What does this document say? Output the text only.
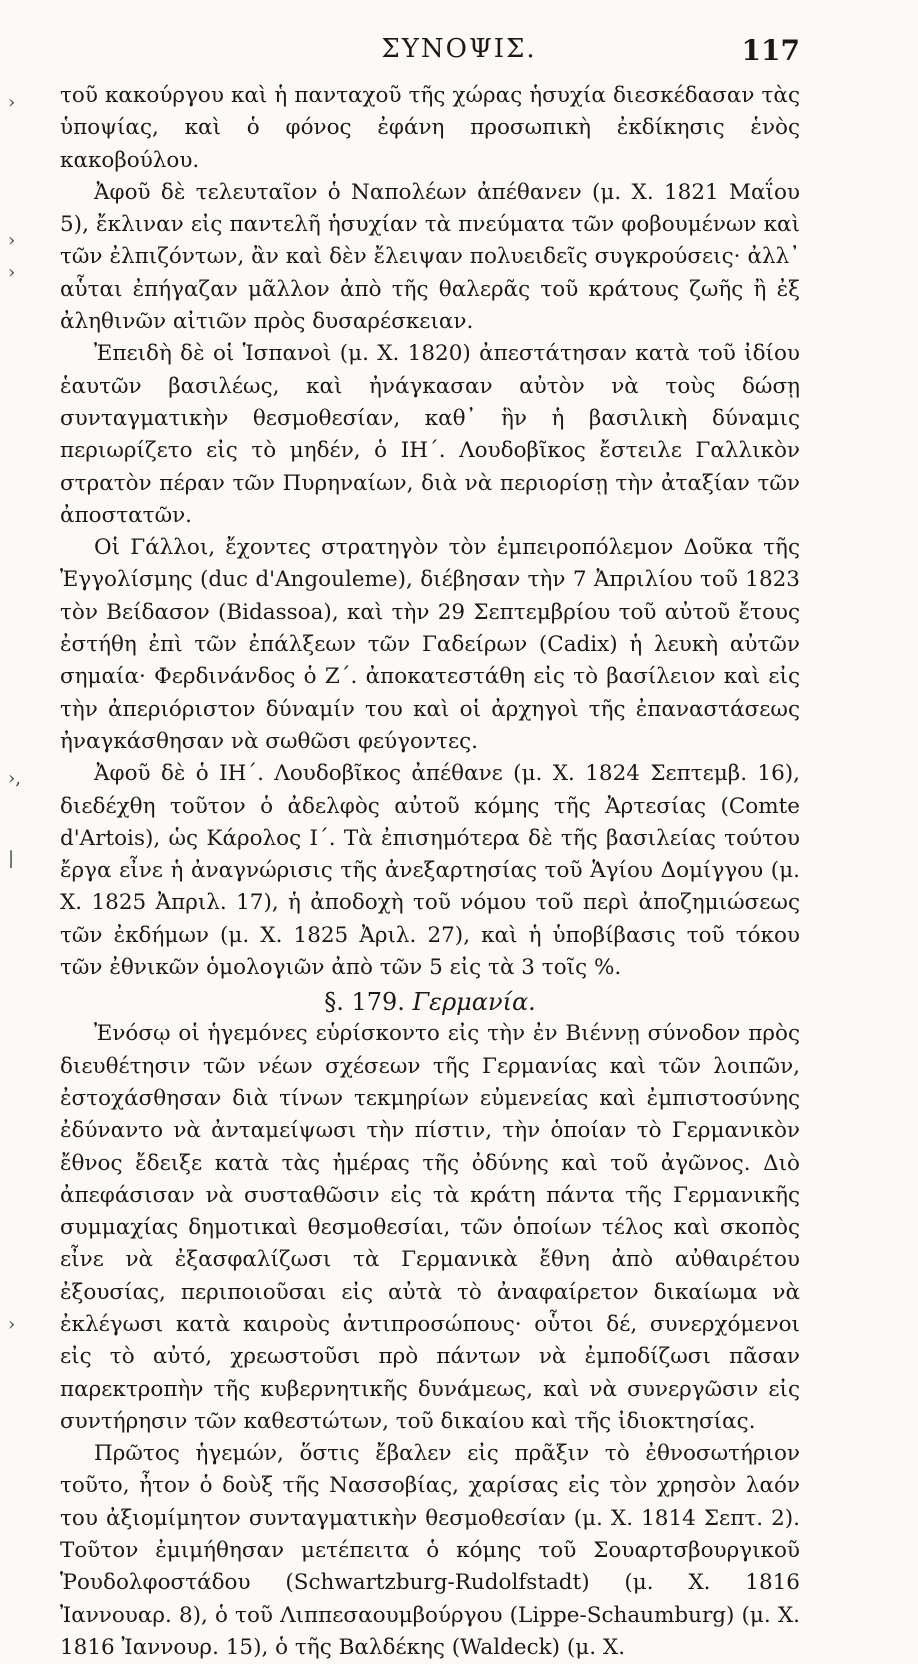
ΣΥΝΟΨΙΣ.	117
›
›
›
›,
|
›

τοῦ κακούργου καὶ ἡ πανταχοῦ τῆς χώρας ἡσυχία διεσκέδασαν τὰς ὑποψίας, καὶ ὁ φόνος ἐφάνη προσωπικὴ ἐκδίκησις ἑνὸς κακοβούλου.

Ἀφοῦ δὲ τελευταῖον ὁ Ναπολέων ἀπέθανεν (μ. Χ. 1821 Μαΐου 5), ἔκλιναν εἰς παντελῆ ἡσυχίαν τὰ πνεύματα τῶν φοβουμένων καὶ τῶν ἐλπιζόντων, ἂν καὶ δὲν ἔλειψαν πολυειδεῖς συγκρούσεις· ἀλλ᾽ αὗται ἐπήγαζαν μᾶλλον ἀπὸ τῆς θαλερᾶς τοῦ κράτους ζωῆς ἢ ἐξ ἀληθινῶν αἰτιῶν πρὸς δυσαρέσκειαν.

Ἐπειδὴ δὲ οἱ Ἱσπανοὶ (μ. Χ. 1820) ἀπεστάτησαν κατὰ τοῦ ἰδίου ἑαυτῶν βασιλέως, καὶ ἠνάγκασαν αὐτὸν νὰ τοὺς δώσῃ συνταγματικὴν θεσμοθεσίαν, καθ᾽ ἣν ἡ βασιλικὴ δύναμις περιωρίζετο εἰς τὸ μηδέν, ὁ ΙΗ΄. Λουδοβῖκος ἔστειλε Γαλλικὸν στρατὸν πέραν τῶν Πυρηναίων, διὰ νὰ περιορίσῃ τὴν ἀταξίαν τῶν ἀποστατῶν.

Οἱ Γάλλοι, ἔχοντες στρατηγὸν τὸν ἐμπειροπόλεμον Δοῦκα τῆς Ἐγγολίσμης (duc d'Angouleme), διέβησαν τὴν 7 Ἀπριλίου τοῦ 1823 τὸν Βείδασον (Bidassoa), καὶ τὴν 29 Σεπτεμβρίου τοῦ αὐτοῦ ἔτους ἐστήθη ἐπὶ τῶν ἐπάλξεων τῶν Γαδείρων (Cadix) ἡ λευκὴ αὐτῶν σημαία· Φερδινάνδος ὁ Ζ΄. ἀποκατεστάθη εἰς τὸ βασίλειον καὶ εἰς τὴν ἀπεριόριστον δύναμίν του καὶ οἱ ἀρχηγοὶ τῆς ἐπαναστάσεως ἠναγκάσθησαν νὰ σωθῶσι φεύγοντες.

Ἀφοῦ δὲ ὁ ΙΗ΄. Λουδοβῖκος ἀπέθανε (μ. Χ. 1824 Σεπτεμβ. 16), διεδέχθη τοῦτον ὁ ἀδελφὸς αὐτοῦ κόμης τῆς Ἀρτεσίας (Comte d'Artois), ὡς Κάρολος Ι΄. Τὰ ἐπισημότερα δὲ τῆς βασιλείας τούτου ἔργα εἶνε ἡ ἀναγνώρισις τῆς ἀνεξαρτησίας τοῦ Ἁγίου Δομίγγου (μ. Χ. 1825 Ἀπριλ. 17), ἡ ἀποδοχὴ τοῦ νόμου τοῦ περὶ ἀποζημιώσεως τῶν ἐκδήμων (μ. Χ. 1825 Ἀριλ. 27), καὶ ἡ ὑποβίβασις τοῦ τόκου τῶν ἐθνικῶν ὁμολογιῶν ἀπὸ τῶν 5 εἰς τὰ 3 τοῖς %.

§. 179. Γερμανία.

Ἐνόσῳ οἱ ἡγεμόνες εὑρίσκοντο εἰς τὴν ἐν Βιέννῃ σύνοδον πρὸς διευθέτησιν τῶν νέων σχέσεων τῆς Γερμανίας καὶ τῶν λοιπῶν, ἐστοχάσθησαν διὰ τίνων τεκμηρίων εὐμενείας καὶ ἐμπιστοσύνης ἐδύναντο νὰ ἀνταμείψωσι τὴν πίστιν, τὴν ὁποίαν τὸ Γερμανικὸν ἔθνος ἔδειξε κατὰ τὰς ἡμέρας τῆς ὀδύνης καὶ τοῦ ἀγῶνος. Διὸ ἀπεφάσισαν νὰ συσταθῶσιν εἰς τὰ κράτη πάντα τῆς Γερμανικῆς συμμαχίας δημοτικαὶ θεσμοθεσίαι, τῶν ὁποίων τέλος καὶ σκοπὸς εἶνε νὰ ἐξασφαλίζωσι τὰ Γερμανικὰ ἔθνη ἀπὸ αὐθαιρέτου ἐξουσίας, περιποιοῦσαι εἰς αὐτὰ τὸ ἀναφαίρετον δικαίωμα νὰ ἐκλέγωσι κατὰ καιροὺς ἀντιπροσώπους· οὗτοι δέ, συνερχόμενοι εἰς τὸ αὐτό, χρεωστοῦσι πρὸ πάντων νὰ ἐμποδίζωσι πᾶσαν παρεκτροπὴν τῆς κυβερνητικῆς δυνάμεως, καὶ νὰ συνεργῶσιν εἰς συντήρησιν τῶν καθεστώτων, τοῦ δικαίου καὶ τῆς ἰδιοκτησίας.

Πρῶτος ἡγεμών, ὅστις ἔβαλεν εἰς πρᾶξιν τὸ ἐθνοσωτήριον τοῦτο, ἦτον ὁ δοὺξ τῆς Νασσοβίας, χαρίσας εἰς τὸν χρησὸν λαόν του ἀξιομίμητον συνταγματικὴν θεσμοθεσίαν (μ. Χ. 1814 Σεπτ. 2). Τοῦτον ἐμιμήθησαν μετέπειτα ὁ κόμης τοῦ Σουαρτσβουργικοῦ Ῥουδολφοστάδου (Schwartzburg-Rudolfstadt) (μ. Χ. 1816 Ἰαννουαρ. 8), ὁ τοῦ Λιππεσαουμβούργου (Lippe-Schaumburg) (μ. Χ. 1816 Ἰαννουρ. 15), ὁ τῆς Βαλδέκης (Waldeck) (μ. Χ.
